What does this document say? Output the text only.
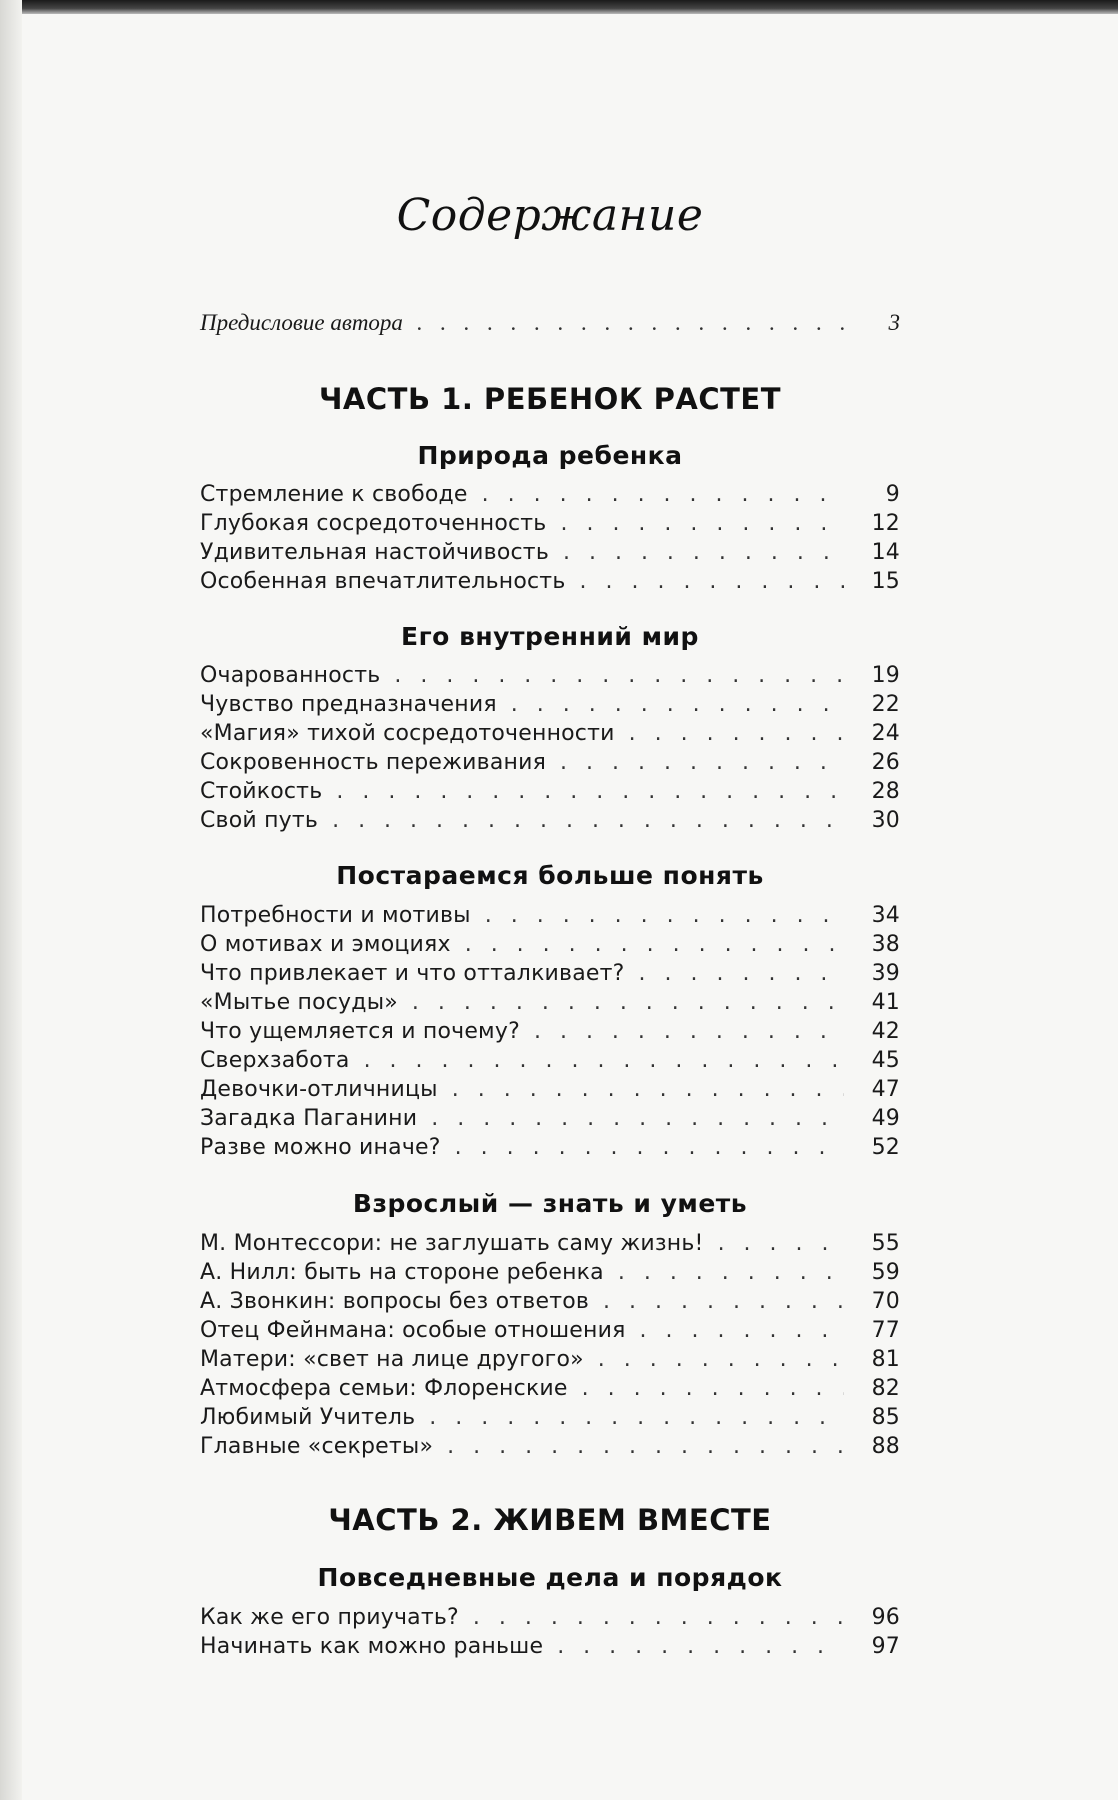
Содержание
Предисловие автора . . .	3
ЧАСТЬ 1. РЕБЕНОК РАСТЕТ
Природа ребенка
Стремление к свободе . . .	9
Глубокая сосредоточенность . . .	12
Удивительная настойчивость . . .	14
Особенная впечатлительность . . .	15
Его внутренний мир
Очарованность . . .	19
Чувство предназначения . . .	22
«Магия» тихой сосредоточенности . . .	24
Сокровенность переживания . . .	26
Стойкость . . .	28
Свой путь . . .	30
Постараемся больше понять
Потребности и мотивы . . .	34
О мотивах и эмоциях . . .	38
Что привлекает и что отталкивает? . . .	39
«Мытье посуды» . . .	41
Что ущемляется и почему? . . .	42
Сверхзабота . . .	45
Девочки-отличницы . . .	47
Загадка Паганини . . .	49
Разве можно иначе? . . .	52
Взрослый — знать и уметь
М. Монтессори: не заглушать саму жизнь! . . .	55
А. Нилл: быть на стороне ребенка . . .	59
А. Звонкин: вопросы без ответов . . .	70
Отец Фейнмана: особые отношения . . .	77
Матери: «свет на лице другого» . . .	81
Атмосфера семьи: Флоренские . . .	82
Любимый Учитель . . .	85
Главные «секреты» . . .	88
ЧАСТЬ 2. ЖИВЕМ ВМЕСТЕ
Повседневные дела и порядок
Как же его приучать? . . .	96
Начинать как можно раньше . . .	97
